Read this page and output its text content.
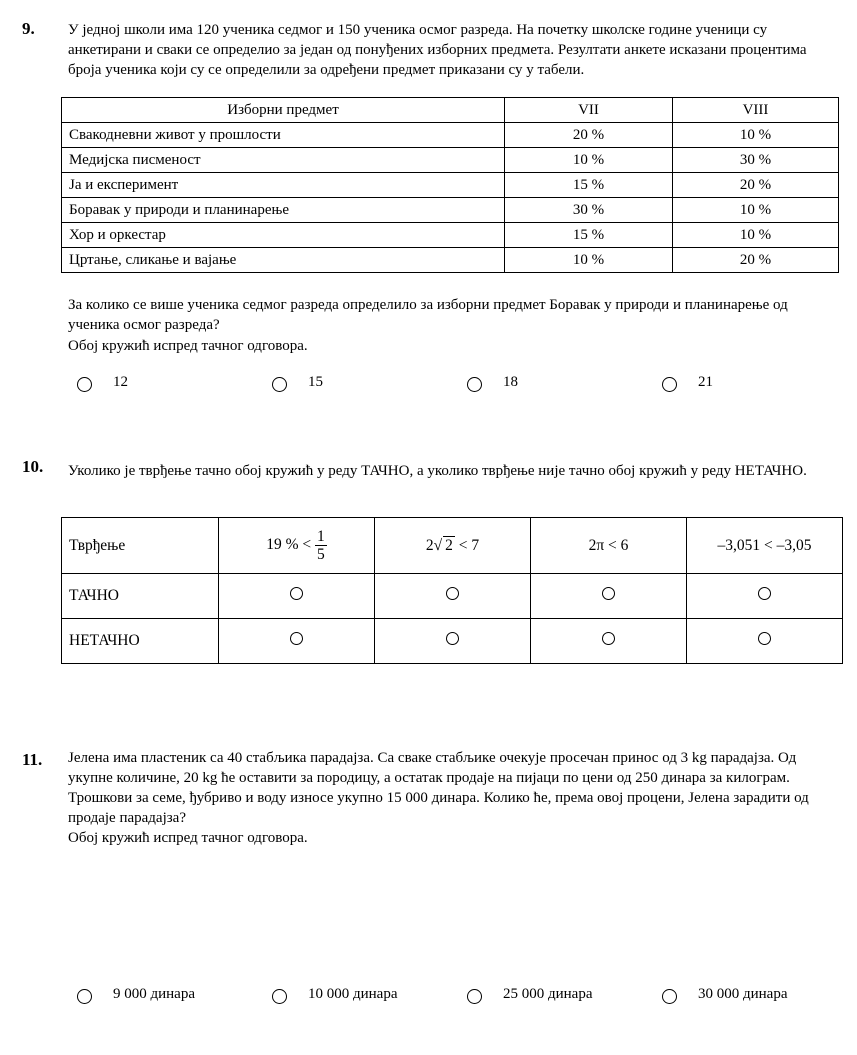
9. У једној школи има 120 ученика седмог и 150 ученика осмог разреда. На почетку школске године ученици су анкетирани и сваки се определио за један од понуђених изборних предмета. Резултати анкете исказани процентима броја ученика који су се определили за одређени предмет приказани су у табели.
Изборни предмет	VII	VIII
Свакодневни живот у прошлости	20 %	10 %
Медијска писменост	10 %	30 %
Ја и експеримент	15 %	20 %
Боравак у природи и планинарење	30 %	10 %
Хор и оркестар	15 %	10 %
Цртање, сликање и вајање	10 %	20 %
За колико се више ученика седмог разреда определило за изборни предмет Боравак у природи и планинарење од ученика осмог разреда?
Обој кружић испред тачног одговора.
12	15	18	21
10. Уколико је тврђење тачно обој кружић у реду ТАЧНО, а уколико тврђење није тачно обој кружић у реду НЕТАЧНО.
Тврђење	19 % < $\frac{1}{5}$	2√ 2 < 7	2π < 6	–3,051 < –3,05
ТАЧНО				
НЕТАЧНО				
11. Јелена има пластеник са 40 стабљика парадајза. Са сваке стабљике очекује просечан принос од 3 kg парадајза. Од укупне количине, 20 kg ће оставити за породицу, а остатак продаје на пијаци по цени од 250 динара за килограм. Трошкови за семе, ђубриво и воду износе укупно 15 000 динара. Колико ће, према овој процени, Јелена зарадити од продаје парадајза?
Обој кружић испред тачног одговора.
9 000 динара	10 000 динара	25 000 динара	30 000 динара
